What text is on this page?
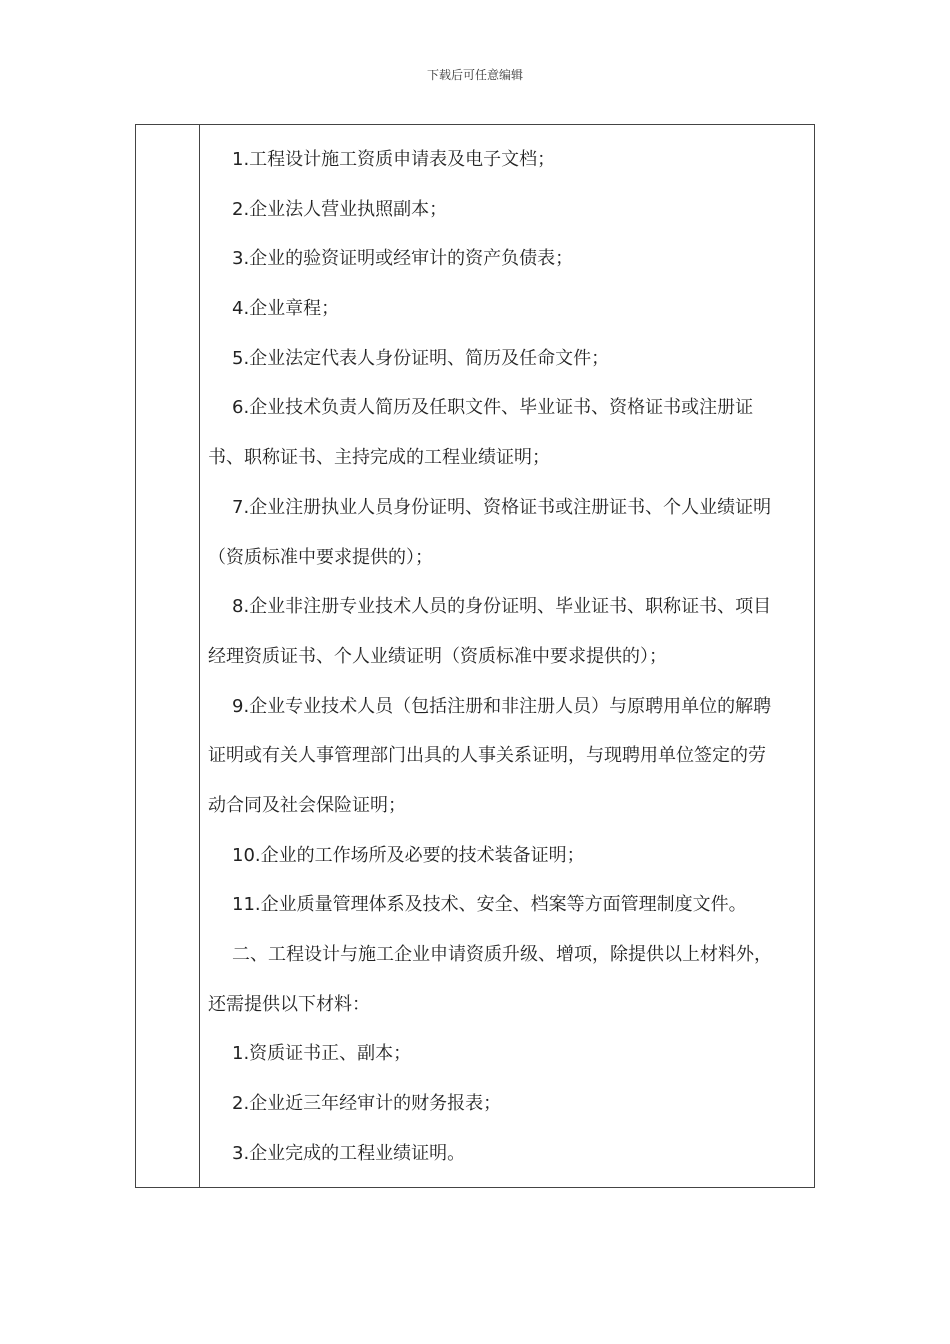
下载后可任意编辑
1.工程设计施工资质申请表及电子文档；
2.企业法人营业执照副本；
3.企业的验资证明或经审计的资产负债表；
4.企业章程；
5.企业法定代表人身份证明、简历及任命文件；
6.企业技术负责人简历及任职文件、毕业证书、资格证书或注册证
书、职称证书、主持完成的工程业绩证明；
7.企业注册执业人员身份证明、资格证书或注册证书、个人业绩证明
（资质标准中要求提供的）；
8.企业非注册专业技术人员的身份证明、毕业证书、职称证书、项目
经理资质证书、个人业绩证明（资质标准中要求提供的）；
9.企业专业技术人员（包括注册和非注册人员）与原聘用单位的解聘
证明或有关人事管理部门出具的人事关系证明，与现聘用单位签定的劳
动合同及社会保险证明；
10.企业的工作场所及必要的技术装备证明；
11.企业质量管理体系及技术、安全、档案等方面管理制度文件。
二、工程设计与施工企业申请资质升级、增项，除提供以上材料外，
还需提供以下材料：
1.资质证书正、副本；
2.企业近三年经审计的财务报表；
3.企业完成的工程业绩证明。
